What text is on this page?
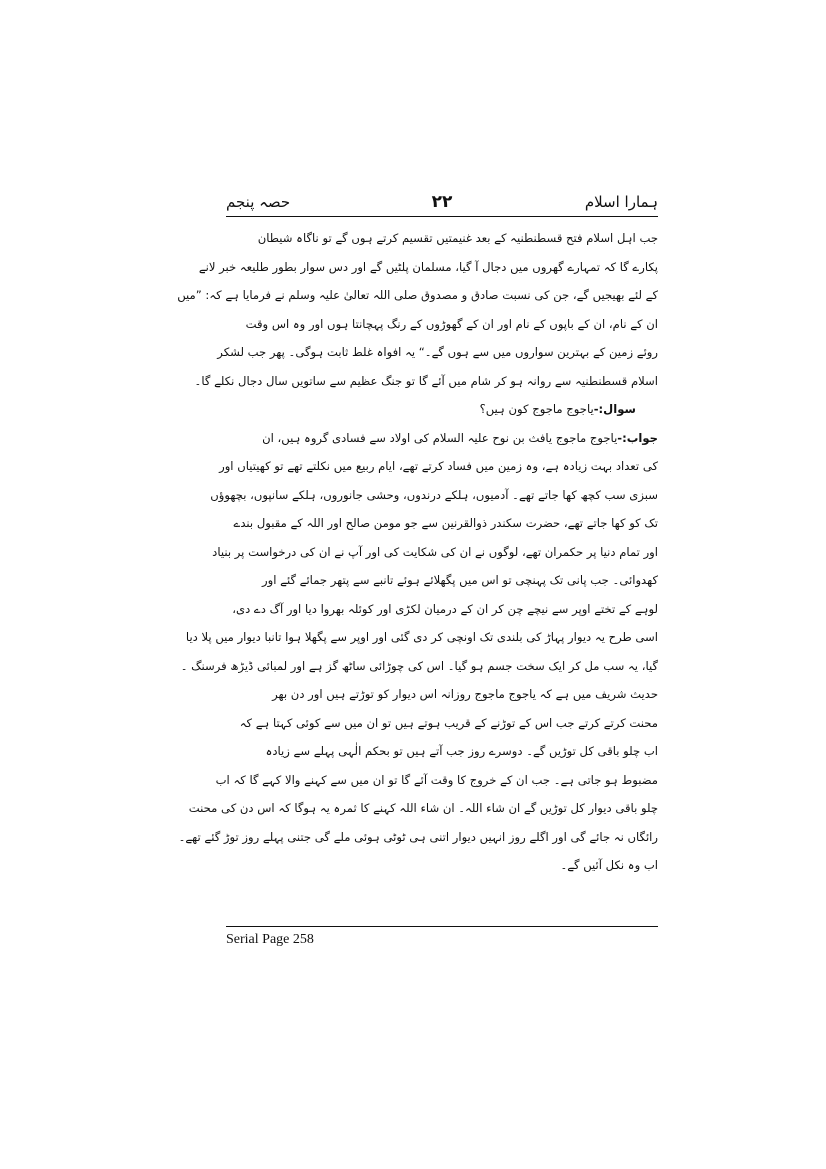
ہمارا اسلام
۲۲
حصہ پنجم
جب اہل اسلام فتح قسطنطنیہ کے بعد غنیمتیں تقسیم کرتے ہوں گے تو ناگاہ شیطان
پکارے گا کہ تمہارے گھروں میں دجال آ گیا، مسلمان پلٹیں گے اور دس سوار بطور طلیعہ خبر لانے
کے لئے بھیجیں گے، جن کی نسبت صادق و مصدوق صلی اللہ تعالیٰ علیہ وسلم نے فرمایا ہے کہ: ”میں
ان کے نام، ان کے باپوں کے نام اور ان کے گھوڑوں کے رنگ پہچانتا ہوں اور وہ اس وقت
روئے زمین کے بہترین سواروں میں سے ہوں گے۔“ یہ افواہ غلط ثابت ہوگی۔ پھر جب لشکر
اسلام قسطنطنیہ سے روانہ ہو کر شام میں آئے گا تو جنگ عظیم سے ساتویں سال دجال نکلے گا۔
سوال:-یاجوج ماجوج کون ہیں؟
جواب:-یاجوج ماجوج یافث بن نوح علیہ السلام کی اولاد سے فسادی گروہ ہیں، ان
کی تعداد بہت زیادہ ہے، وہ زمین میں فساد کرتے تھے، ایام ربیع میں نکلتے تھے تو کھیتیاں اور
سبزی سب کچھ کھا جاتے تھے۔ آدمیوں، ہلکے درندوں، وحشی جانوروں، ہلکے سانپوں، بچھوؤں
تک کو کھا جاتے تھے، حضرت سکندر ذوالقرنین سے جو مومن صالح اور اللہ کے مقبول بندے
اور تمام دنیا پر حکمران تھے، لوگوں نے ان کی شکایت کی اور آپ نے ان کی درخواست پر بنیاد
کھدوائی۔ جب پانی تک پہنچی تو اس میں پگھلائے ہوئے تانبے سے پتھر جمائے گئے اور
لوہے کے تختے اوپر سے نیچے چن کر ان کے درمیان لکڑی اور کوئلہ بھروا دیا اور آگ دے دی،
اسی طرح یہ دیوار پہاڑ کی بلندی تک اونچی کر دی گئی اور اوپر سے پگھلا ہوا تانبا دیوار میں پلا دیا
گیا، یہ سب مل کر ایک سخت جسم ہو گیا۔ اس کی چوڑائی ساٹھ گز ہے اور لمبائی ڈیڑھ فرسنگ ۔
حدیث شریف میں ہے کہ یاجوج ماجوج روزانہ اس دیوار کو توڑتے ہیں اور دن بھر
محنت کرتے کرتے جب اس کے توڑنے کے قریب ہوتے ہیں تو ان میں سے کوئی کہتا ہے کہ
اب چلو باقی کل توڑیں گے۔ دوسرے روز جب آتے ہیں تو بحکم الٰہی پہلے سے زیادہ
مضبوط ہو جاتی ہے۔ جب ان کے خروج کا وقت آئے گا تو ان میں سے کہنے والا کہے گا کہ اب
چلو باقی دیوار کل توڑیں گے ان شاء اللہ۔ ان شاء اللہ کہنے کا ثمرہ یہ ہوگا کہ اس دن کی محنت
رائگاں نہ جائے گی اور اگلے روز انہیں دیوار اتنی ہی ٹوٹی ہوئی ملے گی جتنی پہلے روز توڑ گئے تھے۔
اب وہ نکل آئیں گے۔
Serial Page 258
